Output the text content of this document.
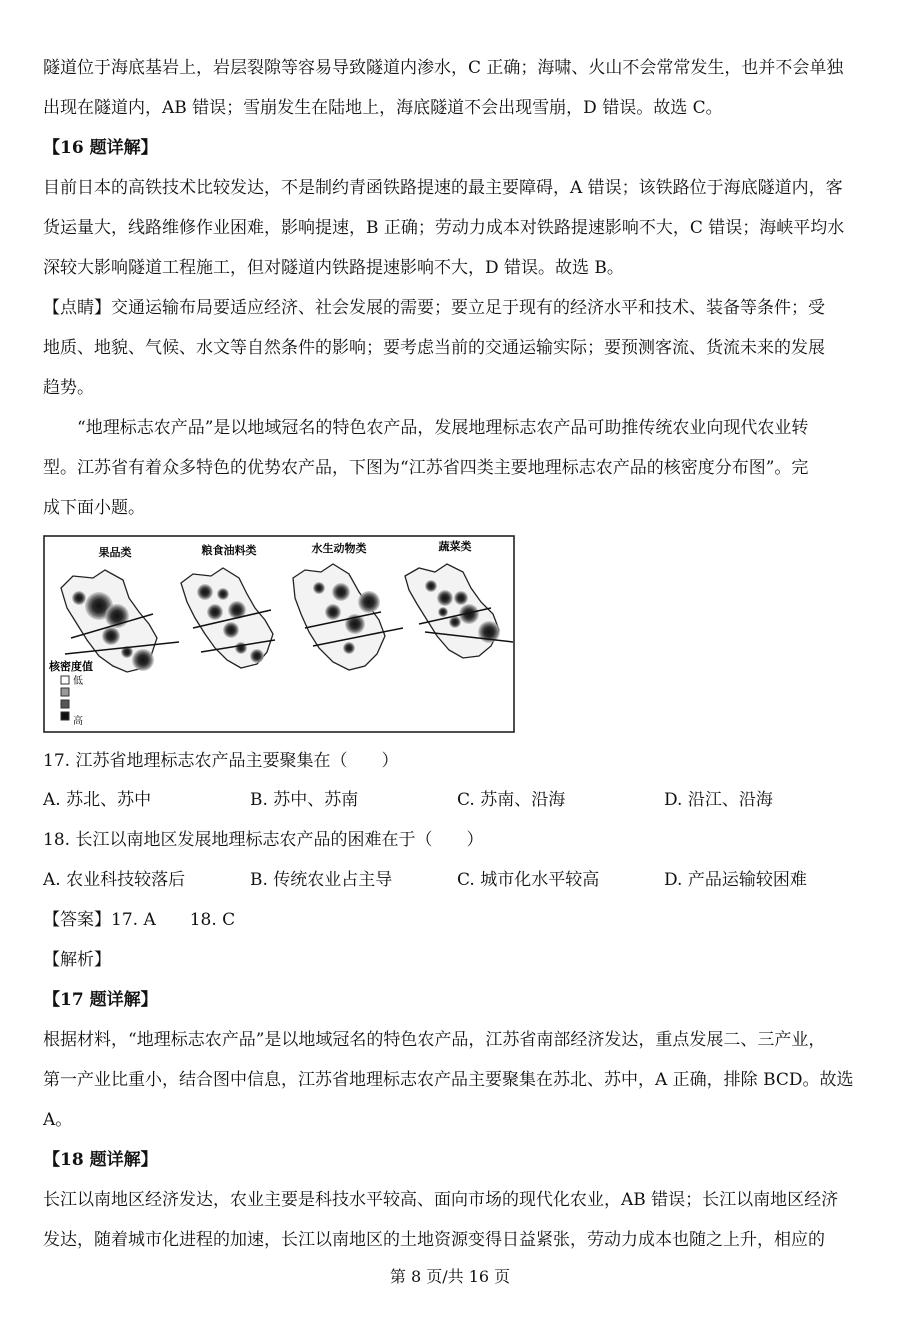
隧道位于海底基岩上，岩层裂隙等容易导致隧道内渗水，C 正确；海啸、火山不会常常发生，也并不会单独
出现在隧道内，AB 错误；雪崩发生在陆地上，海底隧道不会出现雪崩，D 错误。故选 C。
【16 题详解】
目前日本的高铁技术比较发达，不是制约青函铁路提速的最主要障碍，A 错误；该铁路位于海底隧道内，客
货运量大，线路维修作业困难，影响提速，B 正确；劳动力成本对铁路提速影响不大，C 错误；海峡平均水
深较大影响隧道工程施工，但对隧道内铁路提速影响不大，D 错误。故选 B。
【点睛】交通运输布局要适应经济、社会发展的需要；要立足于现有的经济水平和技术、装备等条件；受
地质、地貌、气候、水文等自然条件的影响；要考虑当前的交通运输实际；要预测客流、货流未来的发展
趋势。
“地理标志农产品”是以地域冠名的特色农产品，发展地理标志农产品可助推传统农业向现代农业转
型。江苏省有着众多特色的优势农产品，下图为“江苏省四类主要地理标志农产品的核密度分布图”。完
成下面小题。
果品类	粮食油料类	水生动物类	蔬菜类
核密度值
低
高
17. 江苏省地理标志农产品主要聚集在（　　）
A. 苏北、苏中	B. 苏中、苏南	C. 苏南、沿海	D. 沿江、沿海
18. 长江以南地区发展地理标志农产品的困难在于（　　）
A. 农业科技较落后	B. 传统农业占主导	C. 城市化水平较高	D. 产品运输较困难
【答案】17. A　　18. C
【解析】
【17 题详解】
根据材料，“地理标志农产品”是以地域冠名的特色农产品，江苏省南部经济发达，重点发展二、三产业，
第一产业比重小，结合图中信息，江苏省地理标志农产品主要聚集在苏北、苏中，A 正确，排除 BCD。故选
A。
【18 题详解】
长江以南地区经济发达，农业主要是科技水平较高、面向市场的现代化农业，AB 错误；长江以南地区经济
发达，随着城市化进程的加速，长江以南地区的土地资源变得日益紧张，劳动力成本也随之上升，相应的
第 8 页/共 16 页
